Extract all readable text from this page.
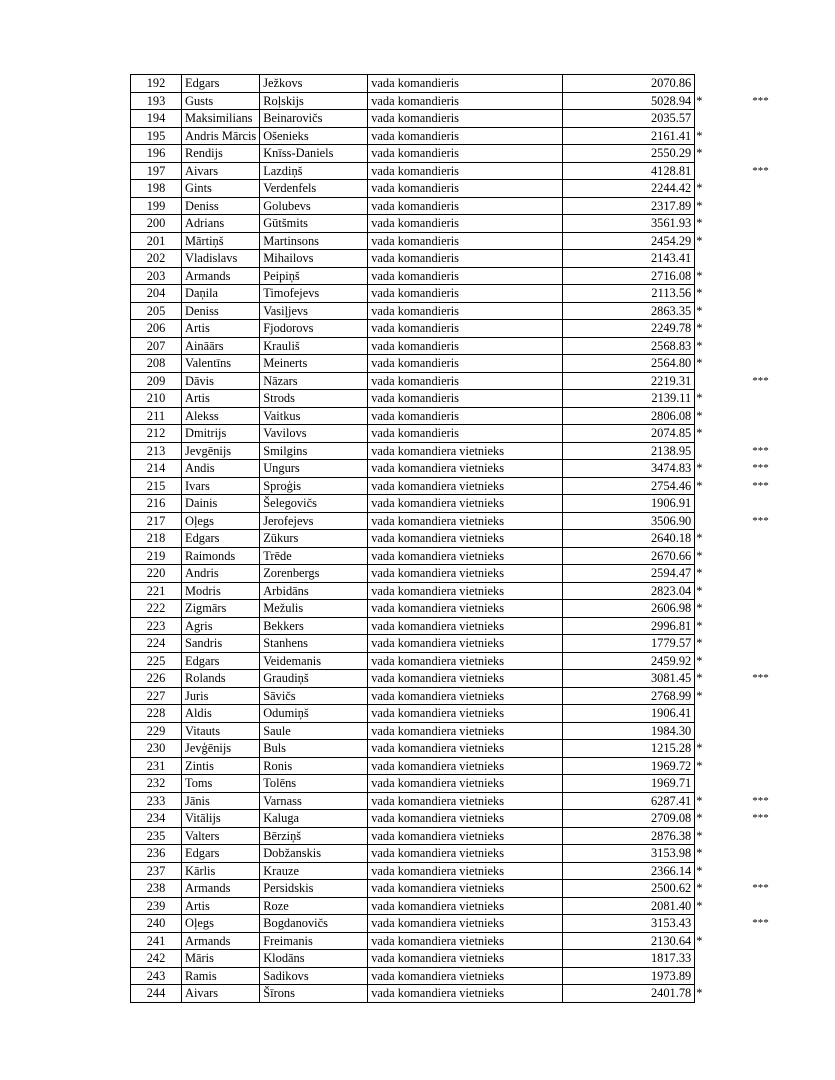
192	Edgars	Ježkovs	vada komandieris	2070.86		
193	Gusts	Roļskijs	vada komandieris	5028.94	*	***
194	Maksimilians	Beinarovičs	vada komandieris	2035.57		
195	Andris Mārcis	Ošenieks	vada komandieris	2161.41	*	
196	Rendijs	Knīss-Daniels	vada komandieris	2550.29	*	
197	Aivars	Lazdiņš	vada komandieris	4128.81		***
198	Gints	Verdenfels	vada komandieris	2244.42	*	
199	Deniss	Golubevs	vada komandieris	2317.89	*	
200	Adrians	Gūtšmits	vada komandieris	3561.93	*	
201	Mārtiņš	Martinsons	vada komandieris	2454.29	*	
202	Vladislavs	Mihailovs	vada komandieris	2143.41		
203	Armands	Peipiņš	vada komandieris	2716.08	*	
204	Daņila	Timofejevs	vada komandieris	2113.56	*	
205	Deniss	Vasiļjevs	vada komandieris	2863.35	*	
206	Artis	Fjodorovs	vada komandieris	2249.78	*	
207	Aināārs	Krauliš	vada komandieris	2568.83	*	
208	Valentīns	Meinerts	vada komandieris	2564.80	*	
209	Dāvis	Nāzars	vada komandieris	2219.31		***
210	Artis	Strods	vada komandieris	2139.11	*	
211	Alekss	Vaitkus	vada komandieris	2806.08	*	
212	Dmitrijs	Vavilovs	vada komandieris	2074.85	*	
213	Jevgēnijs	Smilgins	vada komandiera vietnieks	2138.95		***
214	Andis	Ungurs	vada komandiera vietnieks	3474.83	*	***
215	Ivars	Sproģis	vada komandiera vietnieks	2754.46	*	***
216	Dainis	Šelegovičs	vada komandiera vietnieks	1906.91		
217	Oļegs	Jerofejevs	vada komandiera vietnieks	3506.90		***
218	Edgars	Zūkurs	vada komandiera vietnieks	2640.18	*	
219	Raimonds	Trēde	vada komandiera vietnieks	2670.66	*	
220	Andris	Zorenbergs	vada komandiera vietnieks	2594.47	*	
221	Modris	Arbidāns	vada komandiera vietnieks	2823.04	*	
222	Zigmārs	Mežulis	vada komandiera vietnieks	2606.98	*	
223	Agris	Bekkers	vada komandiera vietnieks	2996.81	*	
224	Sandris	Stanhens	vada komandiera vietnieks	1779.57	*	
225	Edgars	Veidemanis	vada komandiera vietnieks	2459.92	*	
226	Rolands	Graudiņš	vada komandiera vietnieks	3081.45	*	***
227	Juris	Sāvičs	vada komandiera vietnieks	2768.99	*	
228	Aldis	Odumiņš	vada komandiera vietnieks	1906.41		
229	Vitauts	Saule	vada komandiera vietnieks	1984.30		
230	Jevģēnijs	Buls	vada komandiera vietnieks	1215.28	*	
231	Zintis	Ronis	vada komandiera vietnieks	1969.72	*	
232	Toms	Tolēns	vada komandiera vietnieks	1969.71		
233	Jānis	Varnass	vada komandiera vietnieks	6287.41	*	***
234	Vitālijs	Kaluga	vada komandiera vietnieks	2709.08	*	***
235	Valters	Bērziņš	vada komandiera vietnieks	2876.38	*	
236	Edgars	Dobžanskis	vada komandiera vietnieks	3153.98	*	
237	Kārlis	Krauze	vada komandiera vietnieks	2366.14	*	
238	Armands	Persidskis	vada komandiera vietnieks	2500.62	*	***
239	Artis	Roze	vada komandiera vietnieks	2081.40	*	
240	Oļegs	Bogdanovičs	vada komandiera vietnieks	3153.43		***
241	Armands	Freimanis	vada komandiera vietnieks	2130.64	*	
242	Māris	Klodāns	vada komandiera vietnieks	1817.33		
243	Ramis	Sadikovs	vada komandiera vietnieks	1973.89		
244	Aivars	Šīrons	vada komandiera vietnieks	2401.78	*	
